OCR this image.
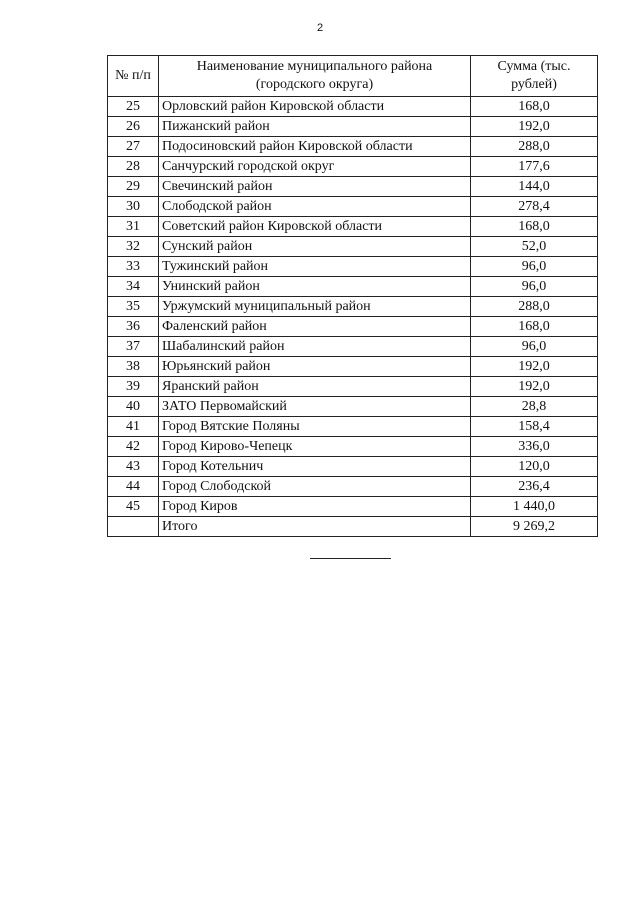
2
№ п/п	Наименование муниципального района (городского округа)	Сумма (тыс. рублей)
25	Орловский район Кировской области	168,0
26	Пижанский район	192,0
27	Подосиновский район Кировской области	288,0
28	Санчурский городской округ	177,6
29	Свечинский район	144,0
30	Слободской район	278,4
31	Советский район Кировской области	168,0
32	Сунский район	52,0
33	Тужинский район	96,0
34	Унинский район	96,0
35	Уржумский муниципальный район	288,0
36	Фаленский район	168,0
37	Шабалинский район	96,0
38	Юрьянский район	192,0
39	Яранский район	192,0
40	ЗАТО Первомайский	28,8
41	Город Вятские Поляны	158,4
42	Город Кирово-Чепецк	336,0
43	Город Котельнич	120,0
44	Город Слободской	236,4
45	Город Киров	1 440,0
	Итого	9 269,2
